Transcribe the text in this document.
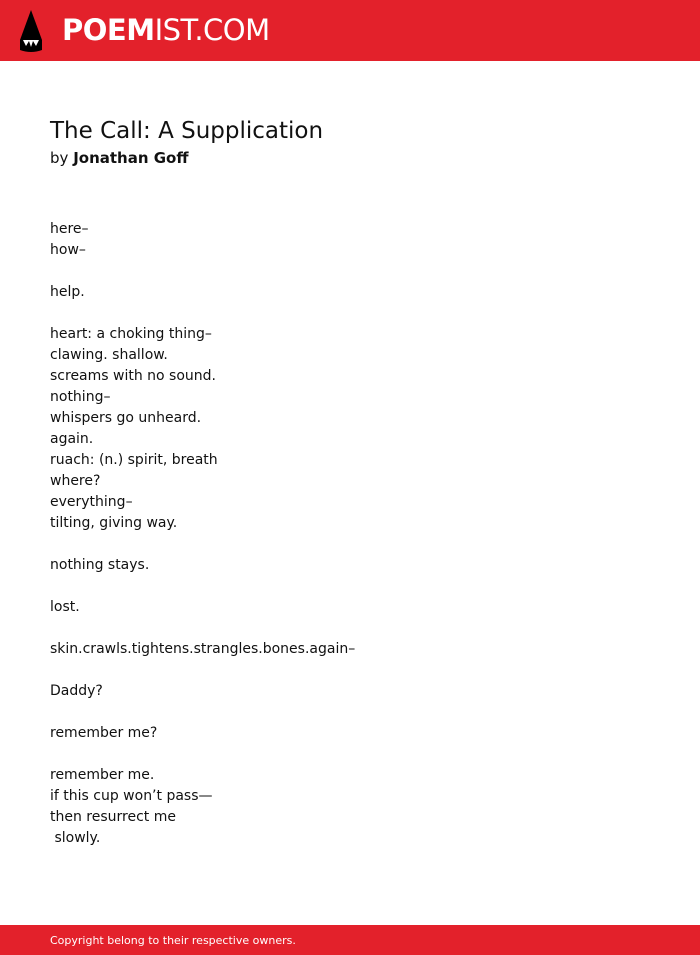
POEMIST.COM
The Call: A Supplication
by Jonathan Goff
here–
how–
help.
heart: a choking thing–
clawing. shallow.
screams with no sound.
nothing–
whispers go unheard.
again.
ruach: (n.) spirit, breath
where?
everything–
tilting, giving way.
nothing stays.
lost.
skin.crawls.tightens.strangles.bones.again–
Daddy?
remember me?
remember me.
if this cup won’t pass—
then resurrect me
slowly.
Copyright belong to their respective owners.
